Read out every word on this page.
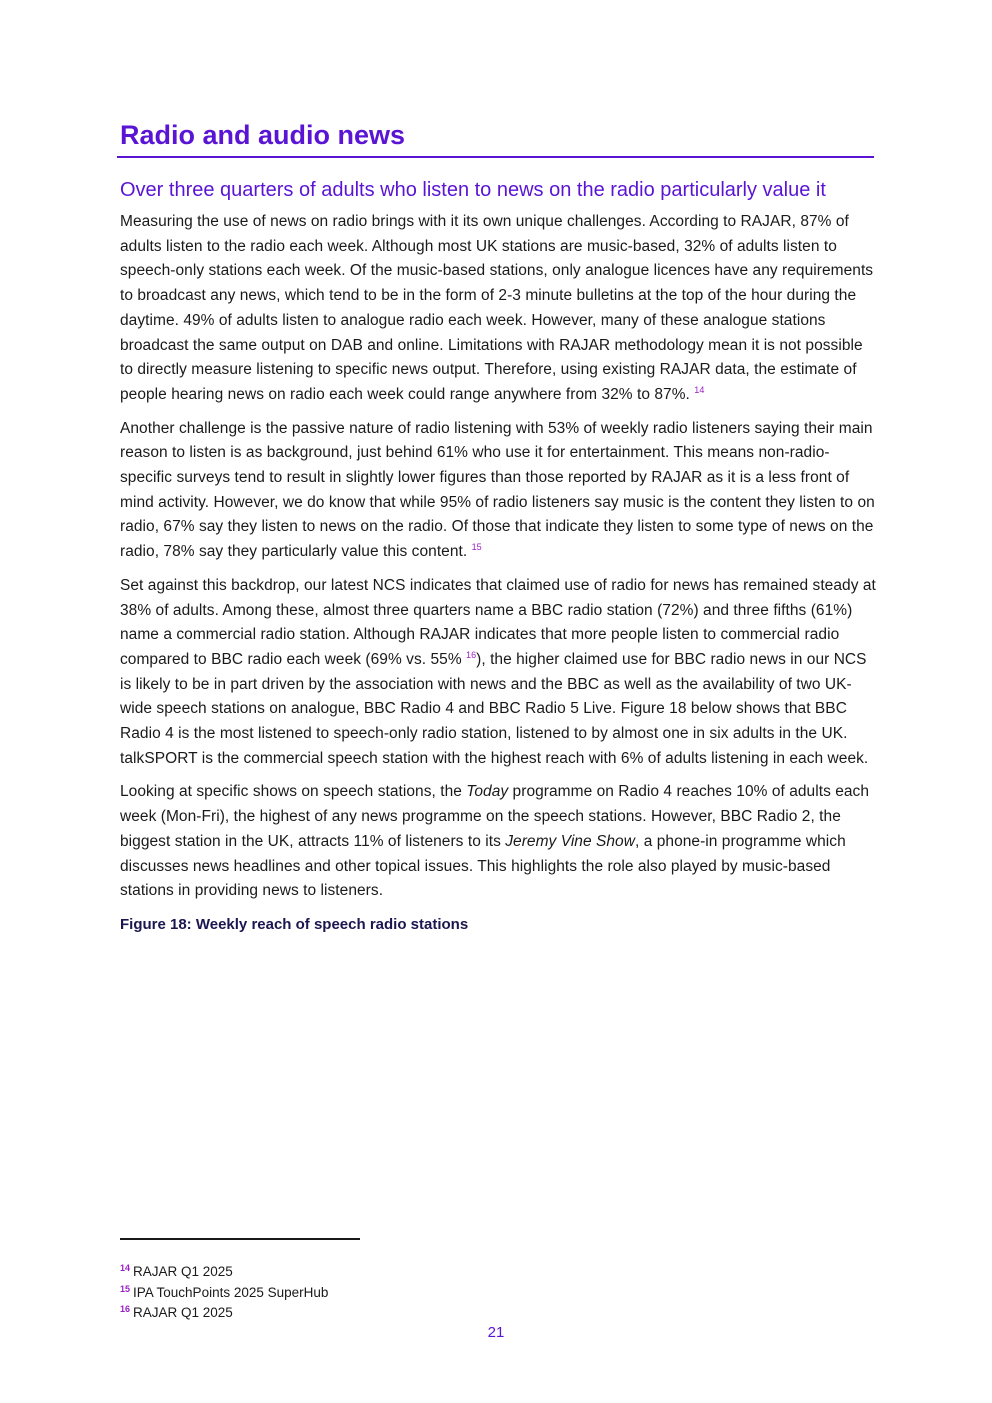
Radio and audio news
Over three quarters of adults who listen to news on the radio particularly value it

Measuring the use of news on radio brings with it its own unique challenges. According to RAJAR, 87% of adults listen to the radio each week. Although most UK stations are music-based, 32% of adults listen to speech-only stations each week. Of the music-based stations, only analogue licences have any requirements to broadcast any news, which tend to be in the form of 2-3 minute bulletins at the top of the hour during the daytime. 49% of adults listen to analogue radio each week. However, many of these analogue stations broadcast the same output on DAB and online. Limitations with RAJAR methodology mean it is not possible to directly measure listening to specific news output. Therefore, using existing RAJAR data, the estimate of people hearing news on radio each week could range anywhere from 32% to 87%. $^{14}$

Another challenge is the passive nature of radio listening with 53% of weekly radio listeners saying their main reason to listen is as background, just behind 61% who use it for entertainment. This means non-radio-specific surveys tend to result in slightly lower figures than those reported by RAJAR as it is a less front of mind activity. However, we do know that while 95% of radio listeners say music is the content they listen to on radio, 67% say they listen to news on the radio. Of those that indicate they listen to some type of news on the radio, 78% say they particularly value this content. $^{15}$

Set against this backdrop, our latest NCS indicates that claimed use of radio for news has remained steady at 38% of adults. Among these, almost three quarters name a BBC radio station (72%) and three fifths (61%) name a commercial radio station. Although RAJAR indicates that more people listen to commercial radio compared to BBC radio each week (69% vs. 55% $^{16}$), the higher claimed use for BBC radio news in our NCS is likely to be in part driven by the association with news and the BBC as well as the availability of two UK-wide speech stations on analogue, BBC Radio 4 and BBC Radio 5 Live. Figure 18 below shows that BBC Radio 4 is the most listened to speech-only radio station, listened to by almost one in six adults in the UK. talkSPORT is the commercial speech station with the highest reach with 6% of adults listening in each week.

Looking at specific shows on speech stations, the Today programme on Radio 4 reaches 10% of adults each week (Mon-Fri), the highest of any news programme on the speech stations. However, BBC Radio 2, the biggest station in the UK, attracts 11% of listeners to its Jeremy Vine Show, a phone-in programme which discusses news headlines and other topical issues. This highlights the role also played by music-based stations in providing news to listeners.

Figure 18: Weekly reach of speech radio stations
$^{14}$ RAJAR Q1 2025
$^{15}$ IPA TouchPoints 2025 SuperHub
$^{16}$ RAJAR Q1 2025
21
